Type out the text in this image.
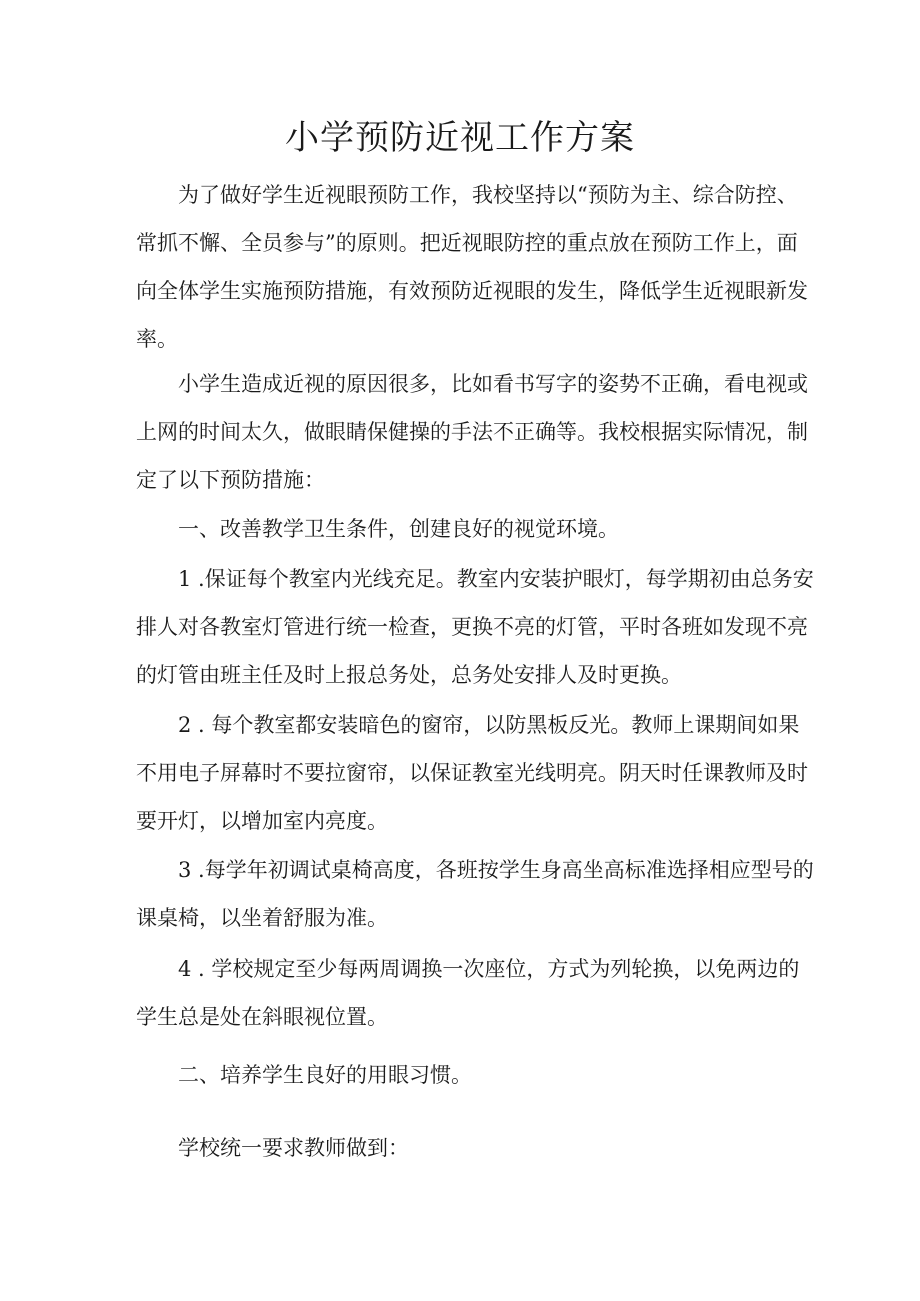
小学预防近视工作方案
为了做好学生近视眼预防工作，我校坚持以“预防为主、综合防控、
常抓不懈、全员参与”的原则。把近视眼防控的重点放在预防工作上，面
向全体学生实施预防措施，有效预防近视眼的发生，降低学生近视眼新发
率。
小学生造成近视的原因很多，比如看书写字的姿势不正确，看电视或
上网的时间太久，做眼睛保健操的手法不正确等。我校根据实际情况，制
定了以下预防措施：
一、改善教学卫生条件，创建良好的视觉环境。
1 .保证每个教室内光线充足。教室内安装护眼灯，每学期初由总务安
排人对各教室灯管进行统一检查，更换不亮的灯管，平时各班如发现不亮
的灯管由班主任及时上报总务处，总务处安排人及时更换。
2 . 每个教室都安装暗色的窗帘，以防黑板反光。教师上课期间如果
不用电子屏幕时不要拉窗帘，以保证教室光线明亮。阴天时任课教师及时
要开灯，以增加室内亮度。
3 .每学年初调试桌椅高度，各班按学生身高坐高标准选择相应型号的
课桌椅，以坐着舒服为准。
4 . 学校规定至少每两周调换一次座位，方式为列轮换，以免两边的
学生总是处在斜眼视位置。
二、培养学生良好的用眼习惯。
学校统一要求教师做到：
